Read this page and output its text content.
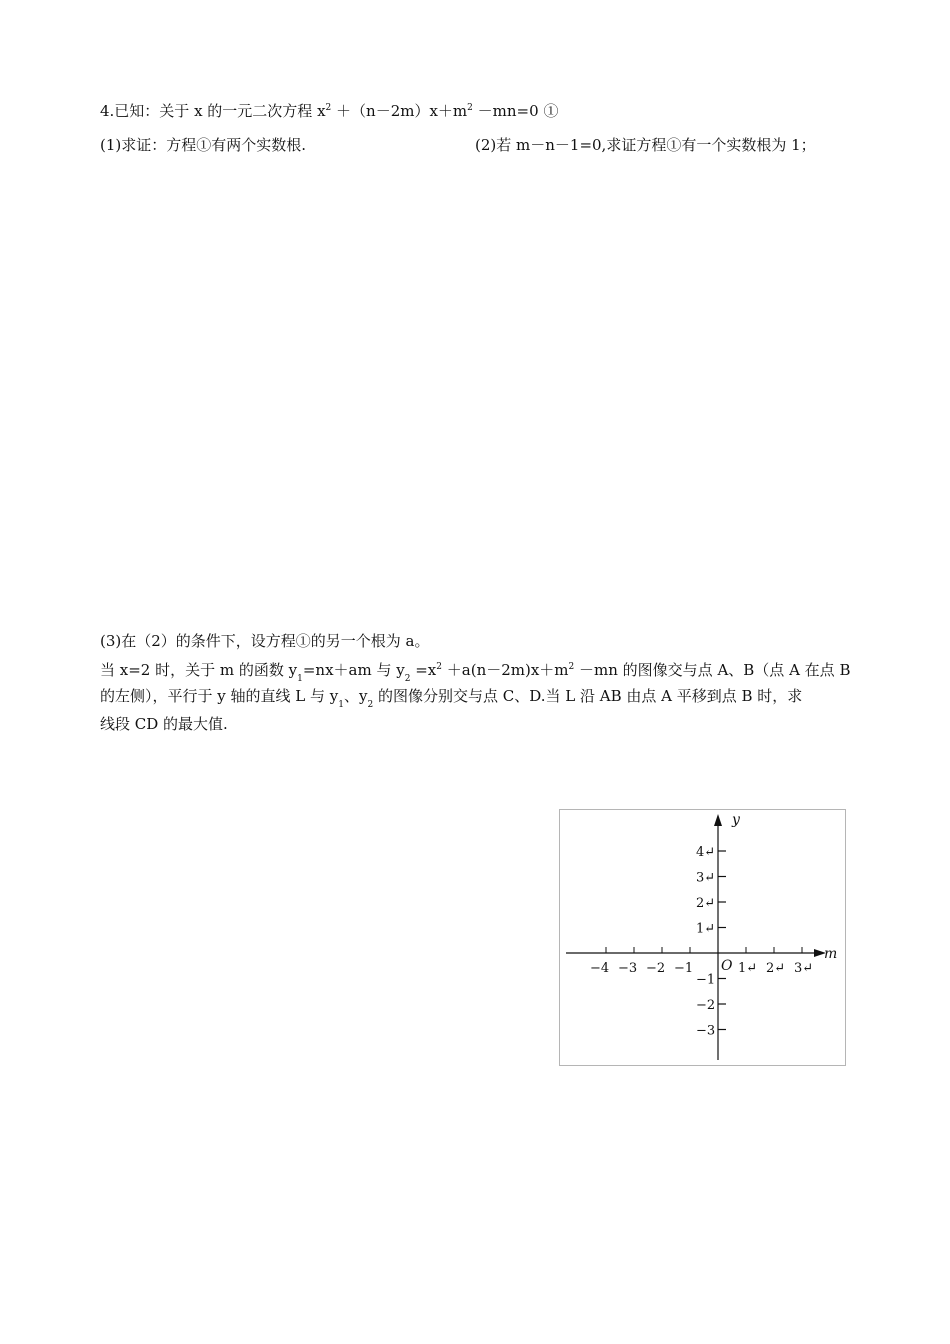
4.已知：关于 x 的一元二次方程 $x^2 +(n-2m)x+m^2 -mn=0$ ①
(1)求证：方程①有两个实数根.	(2)若 m－n－1=0,求证方程①有一个实数根为 1；
(3)在（2）的条件下，设方程①的另一个根为 a。
当 x=2 时，关于 m 的函数 $y_1=nx+am$ 与 $y_2 =x^2 +a(n-2m)x+m^2 -mn$ 的图像交与点 A、B（点 A 在点 B
的左侧），平行于 y 轴的直线 L 与 $y_1$、$y_2$ 的图像分别交与点 C、D.当 L 沿 AB 由点 A 平移到点 B 时，求
线段 CD 的最大值.
−4 −3 −2 −1	1↵ 2↵ 3↵
4↵
3↵
2↵
1↵
−1
−2
−3
m
y
O
